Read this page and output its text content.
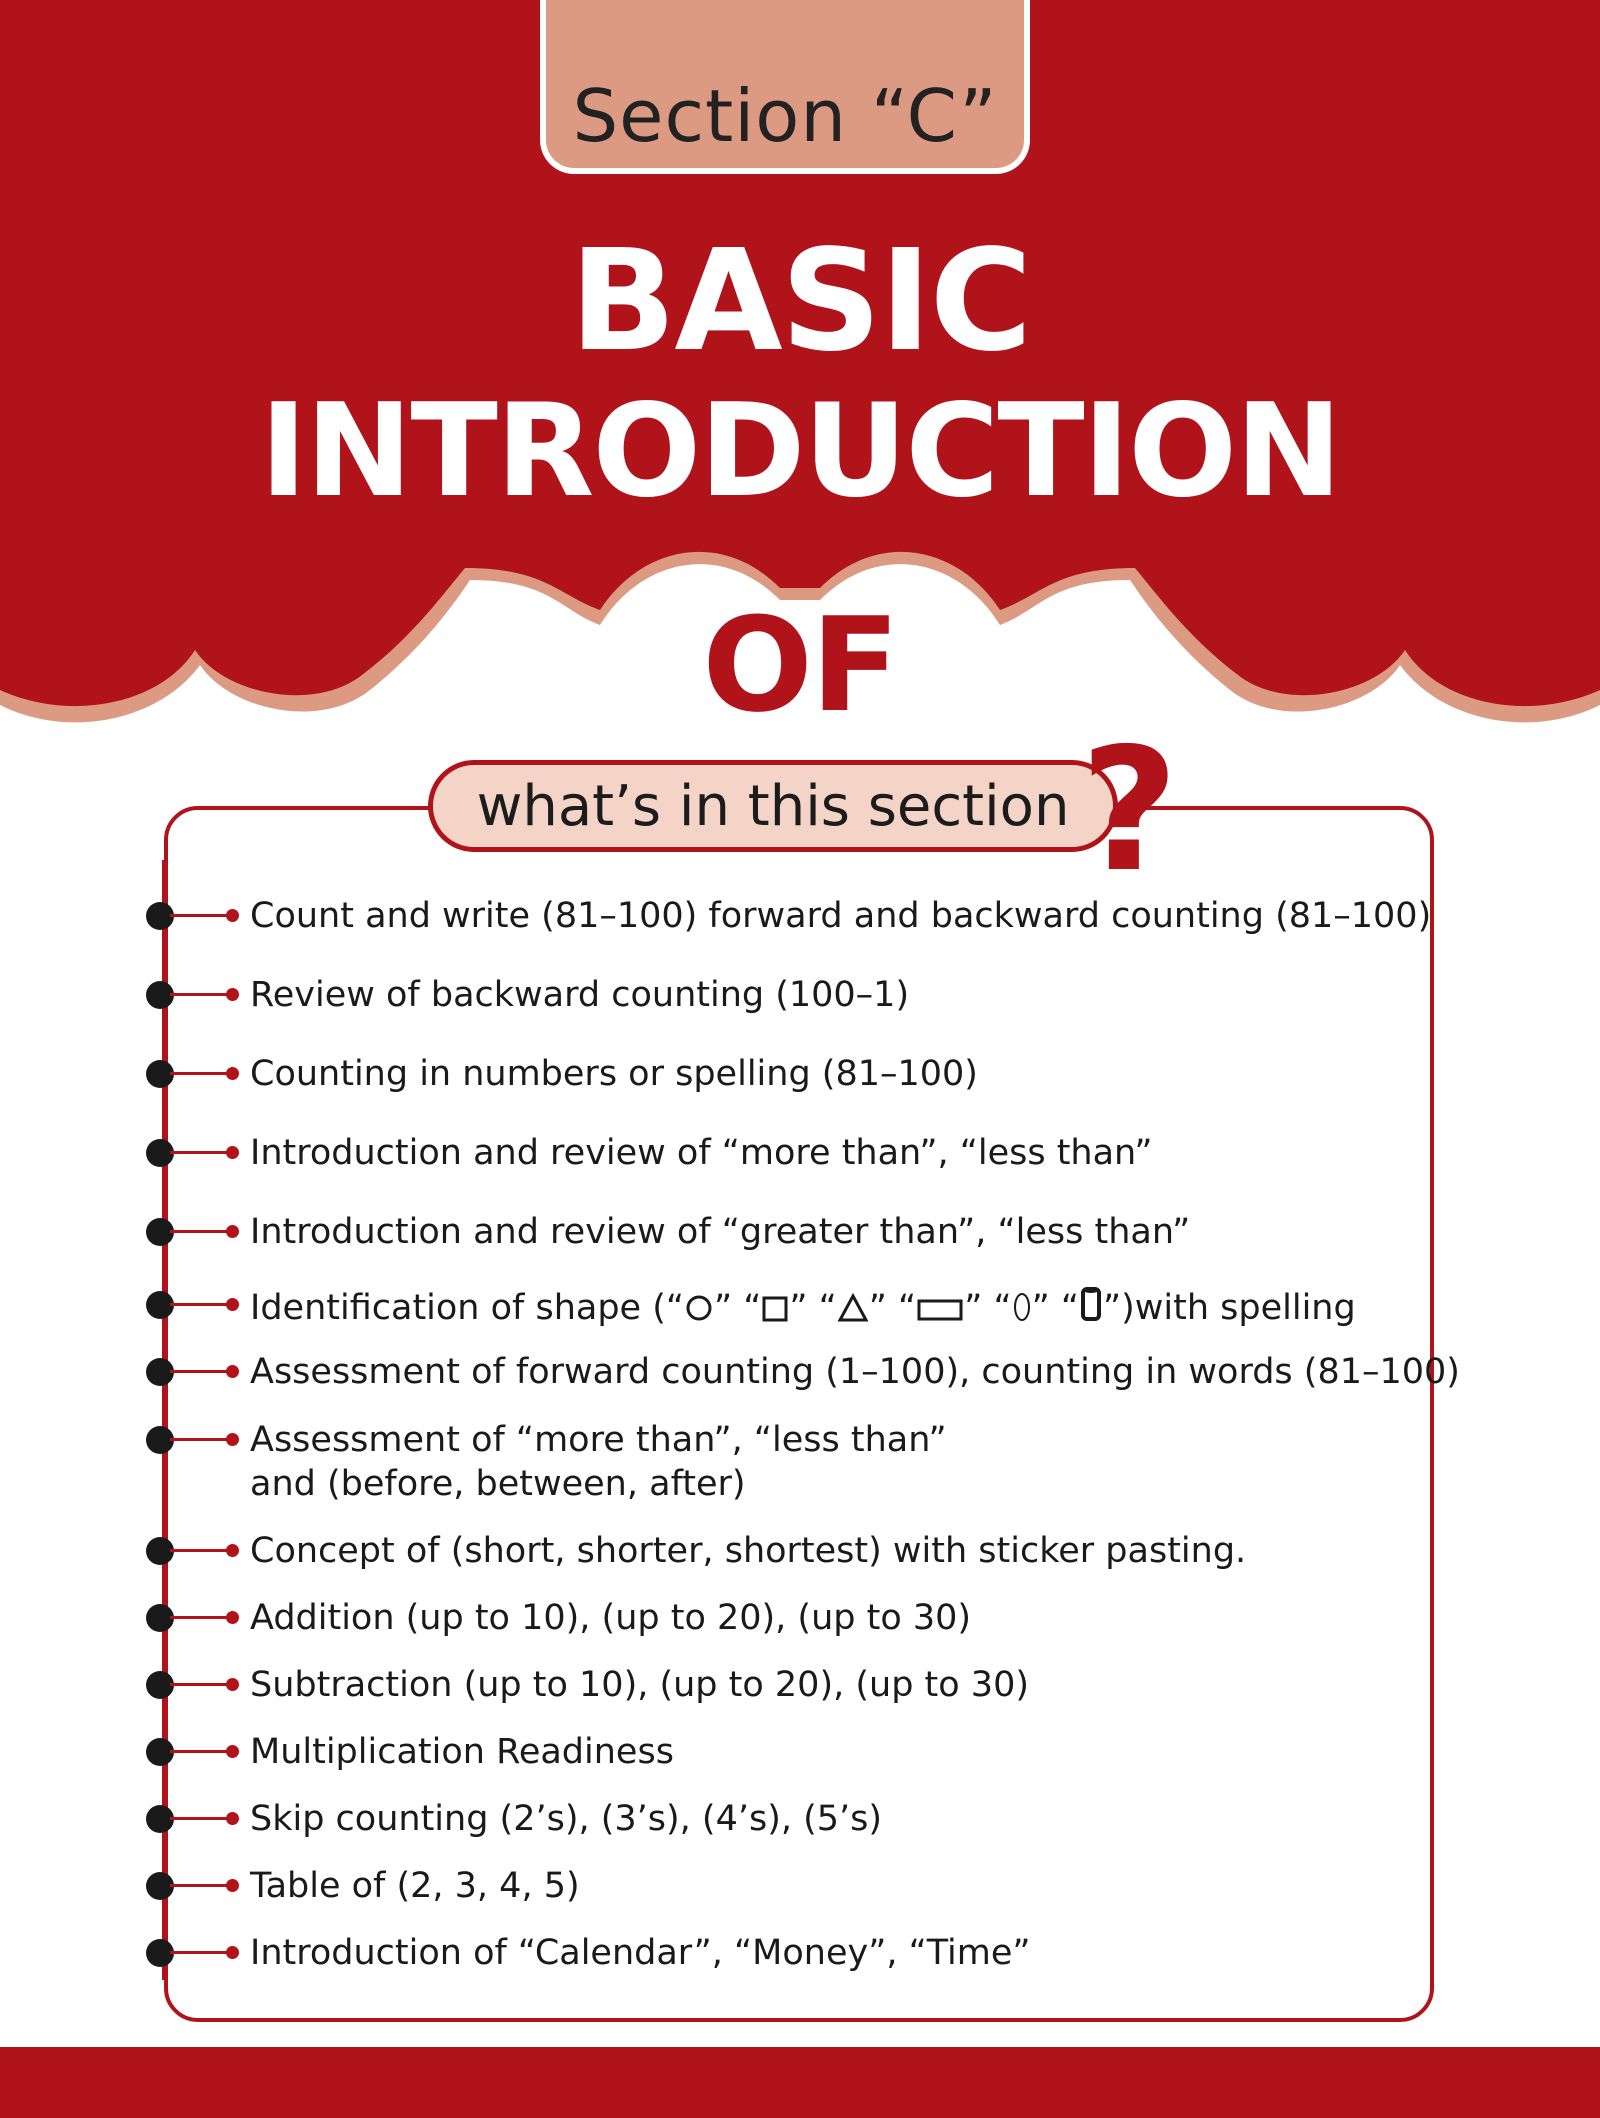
Section “C”
BASIC
INTRODUCTION
OF
what’s in this section ?
Count and write (81–100) forward and backward counting (81–100)
Review of backward counting (100–1)
Counting in numbers or spelling (81–100)
Introduction and review of “more than”, “less than”
Introduction and review of “greater than”, “less than”
Identification of shape (“ ” “ ” “ ” “ ” “ ” “ ”)with spelling
Assessment of forward counting (1–100), counting in words (81–100)
Assessment of “more than”, “less than”
and (before, between, after)
Concept of (short, shorter, shortest) with sticker pasting.
Addition (up to 10), (up to 20), (up to 30)
Subtraction (up to 10), (up to 20), (up to 30)
Multiplication Readiness
Skip counting (2’s), (3’s), (4’s), (5’s)
Table of (2, 3, 4, 5)
Introduction of “Calendar”, “Money”, “Time”
